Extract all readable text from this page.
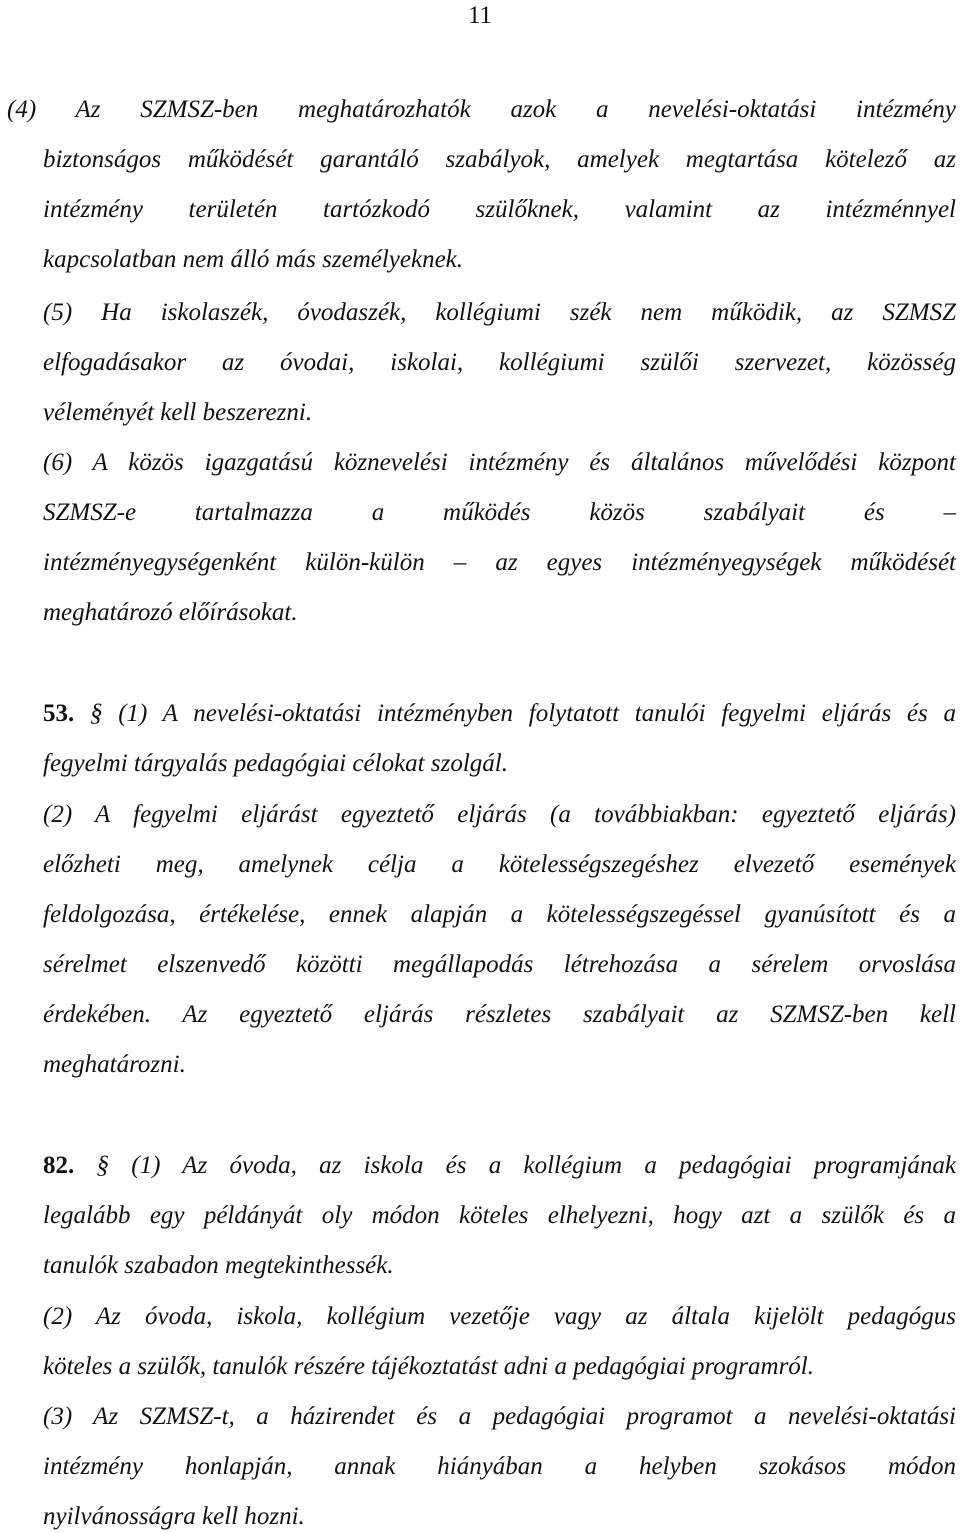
11
(4) Az SZMSZ-ben meghatározhatók azok a nevelési-oktatási intézmény
biztonságos működését garantáló szabályok, amelyek megtartása kötelező az
intézmény területén tartózkodó szülőknek, valamint az intézménnyel
kapcsolatban nem álló más személyeknek.
(5) Ha iskolaszék, óvodaszék, kollégiumi szék nem működik, az SZMSZ
elfogadásakor az óvodai, iskolai, kollégiumi szülői szervezet, közösség
véleményét kell beszerezni.
(6) A közös igazgatású köznevelési intézmény és általános művelődési központ
SZMSZ-e tartalmazza a működés közös szabályait és –
intézményegységenként külön-külön – az egyes intézményegységek működését
meghatározó előírásokat.
53. § (1) A nevelési-oktatási intézményben folytatott tanulói fegyelmi eljárás és a
fegyelmi tárgyalás pedagógiai célokat szolgál.
(2) A fegyelmi eljárást egyeztető eljárás (a továbbiakban: egyeztető eljárás)
előzheti meg, amelynek célja a kötelességszegéshez elvezető események
feldolgozása, értékelése, ennek alapján a kötelességszegéssel gyanúsított és a
sérelmet elszenvedő közötti megállapodás létrehozása a sérelem orvoslása
érdekében. Az egyeztető eljárás részletes szabályait az SZMSZ-ben kell
meghatározni.
82. § (1) Az óvoda, az iskola és a kollégium a pedagógiai programjának
legalább egy példányát oly módon köteles elhelyezni, hogy azt a szülők és a
tanulók szabadon megtekinthessék.
(2) Az óvoda, iskola, kollégium vezetője vagy az általa kijelölt pedagógus
köteles a szülők, tanulók részére tájékoztatást adni a pedagógiai programról.
(3) Az SZMSZ-t, a házirendet és a pedagógiai programot a nevelési-oktatási
intézmény honlapján, annak hiányában a helyben szokásos módon
nyilvánosságra kell hozni.
